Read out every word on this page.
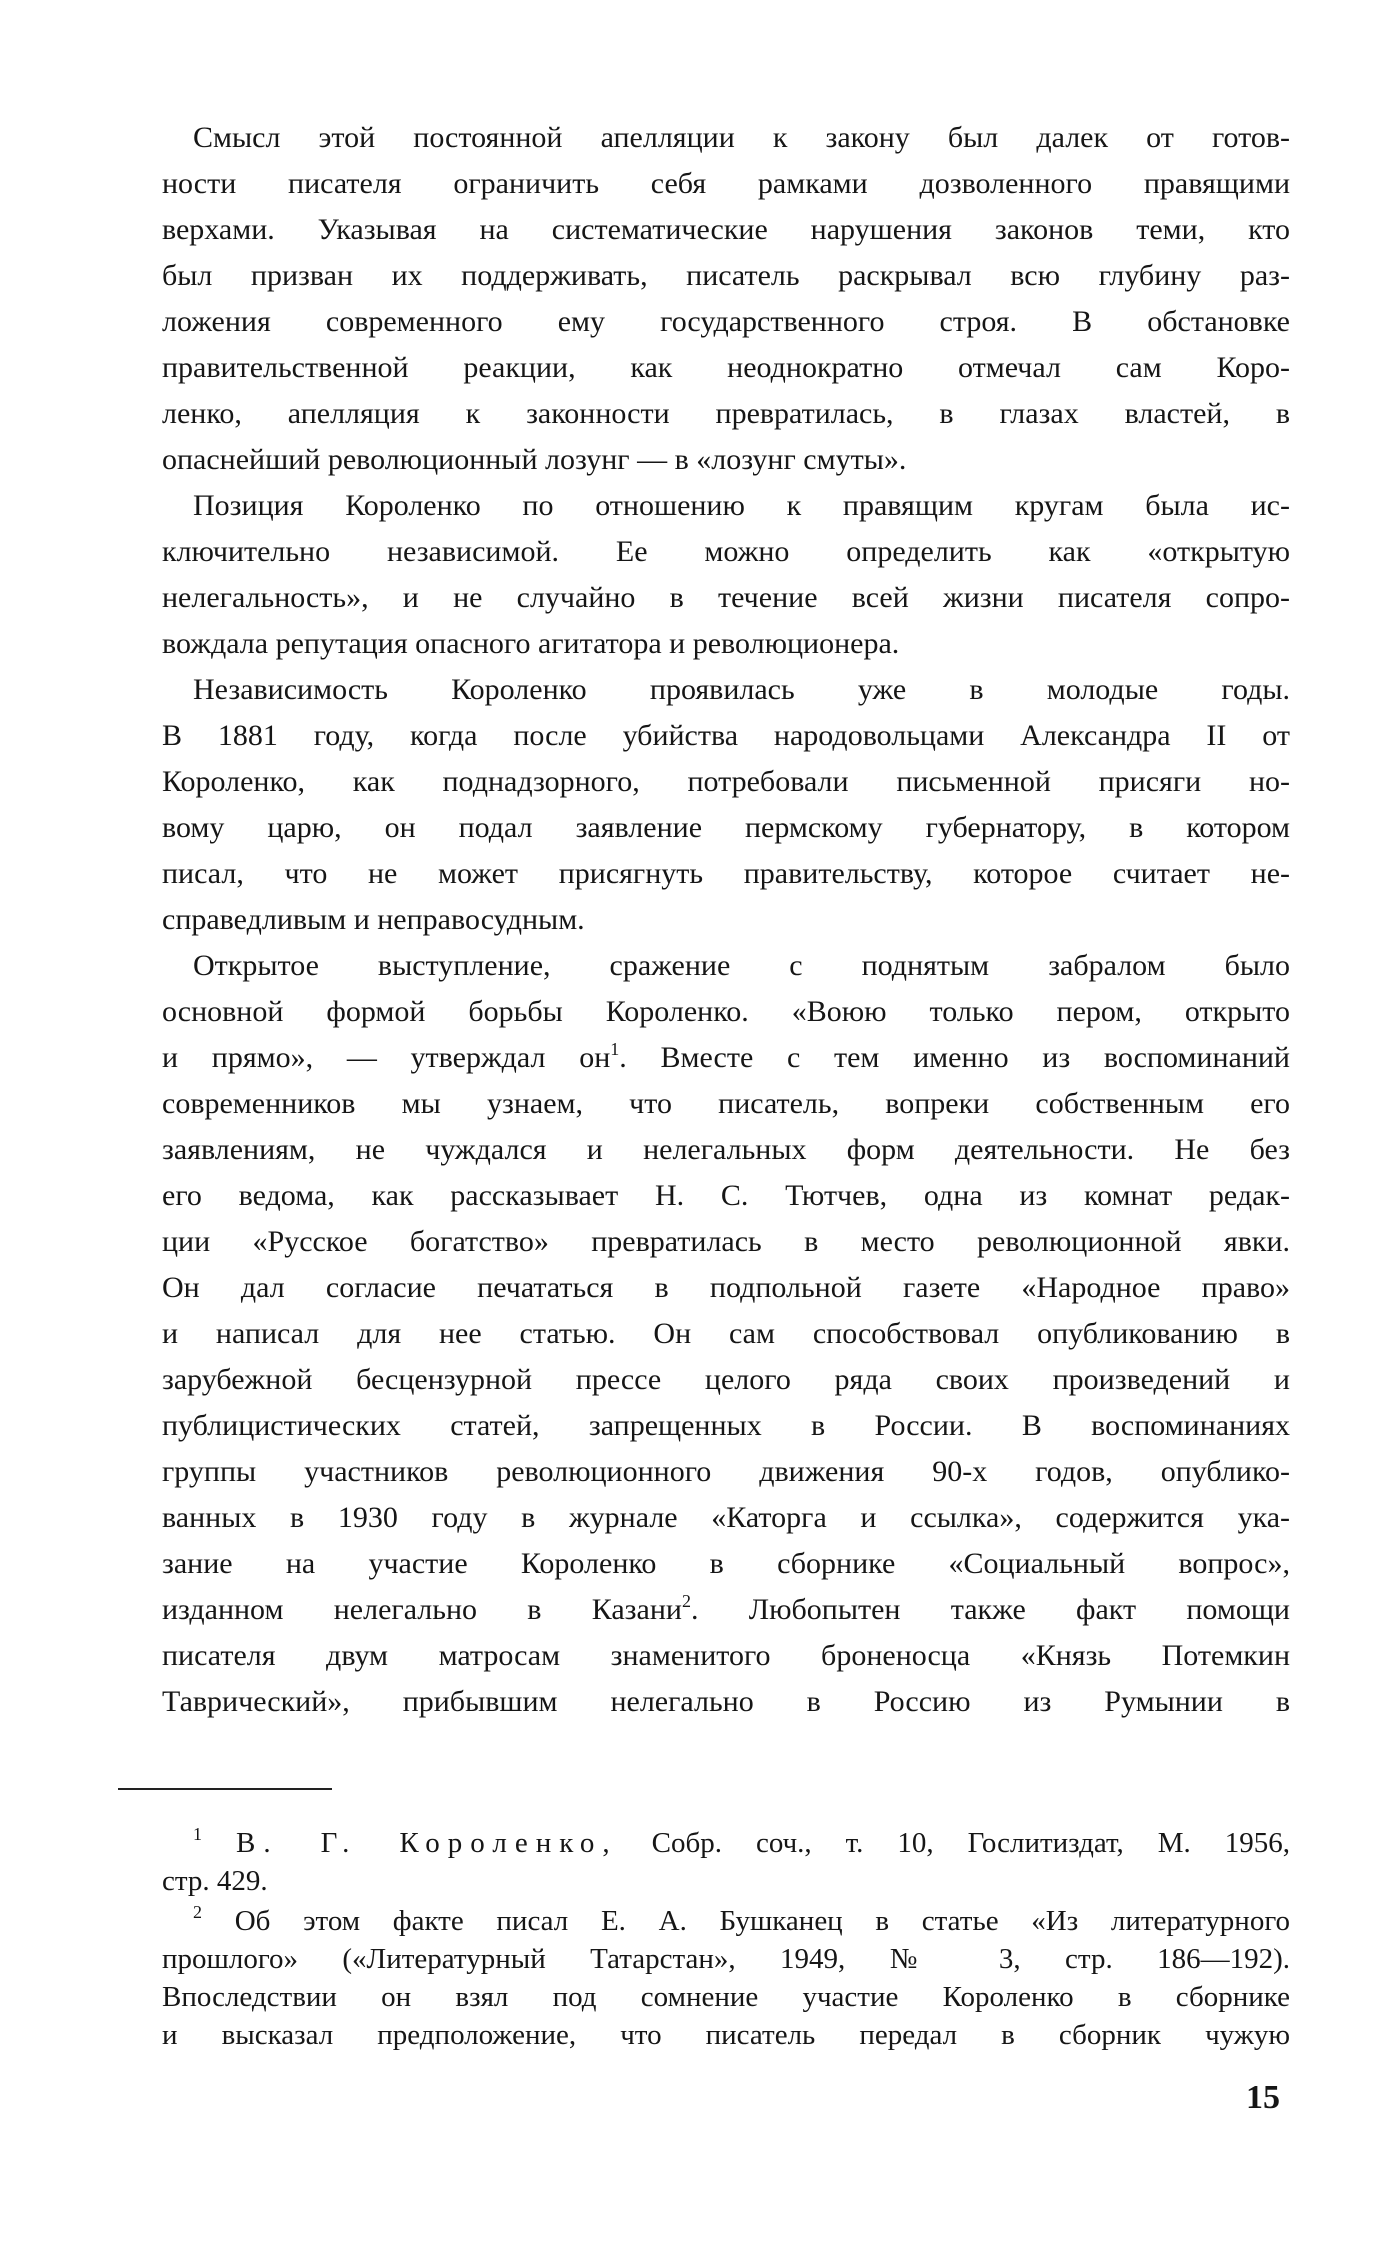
Смысл этой постоянной апелляции к закону был далек от готов-
ности писателя ограничить себя рамками дозволенного правящими
верхами. Указывая на систематические нарушения законов теми, кто
был призван их поддерживать, писатель раскрывал всю глубину раз-
ложения современного ему государственного строя. В обстановке
правительственной реакции, как неоднократно отмечал сам Коро-
ленко, апелляция к законности превратилась, в глазах властей, в
опаснейший революционный лозунг — в «лозунг смуты».
Позиция Короленко по отношению к правящим кругам была ис-
ключительно независимой. Ее можно определить как «открытую
нелегальность», и не случайно в течение всей жизни писателя сопро-
вождала репутация опасного агитатора и революционера.
Независимость Короленко проявилась уже в молодые годы.
В 1881 году, когда после убийства народовольцами Александра II от
Короленко, как поднадзорного, потребовали письменной присяги но-
вому царю, он подал заявление пермскому губернатору, в котором
писал, что не может присягнуть правительству, которое считает не-
справедливым и неправосудным.
Открытое выступление, сражение с поднятым забралом было
основной формой борьбы Короленко. «Воюю только пером, открыто
и прямо», — утверждал $он^1$. Вместе с тем именно из воспоминаний
современников мы узнаем, что писатель, вопреки собственным его
заявлениям, не чуждался и нелегальных форм деятельности. Не без
его ведома, как рассказывает Н. С. Тютчев, одна из комнат редак-
ции «Русское богатство» превратилась в место революционной явки.
Он дал согласие печататься в подпольной газете «Народное право»
и написал для нее статью. Он сам способствовал опубликованию в
зарубежной бесцензурной прессе целого ряда своих произведений и
публицистических статей, запрещенных в России. В воспоминаниях
группы участников революционного движения 90-х годов, опублико-
ванных в 1930 году в журнале «Каторга и ссылка», содержится ука-
зание на участие Короленко в сборнике «Социальный вопрос»,
изданном нелегально в Казани$^2$. Любопытен также факт помощи
писателя двум матросам знаменитого броненосца «Князь Потемкин
Таврический», прибывшим нелегально в Россию из Румынии в
$^1$ В. Г. Короленко, Собр. соч., т. 10, Гослитиздат, М. 1956,
стр. 429.
$^2$ Об этом факте писал Е. А. Бушканец в статье «Из литературного
прошлого» («Литературный Татарстан», 1949, № 3, стр. 186—192).
Впоследствии он взял под сомнение участие Короленко в сборнике
и высказал предположение, что писатель передал в сборник чужую
15
